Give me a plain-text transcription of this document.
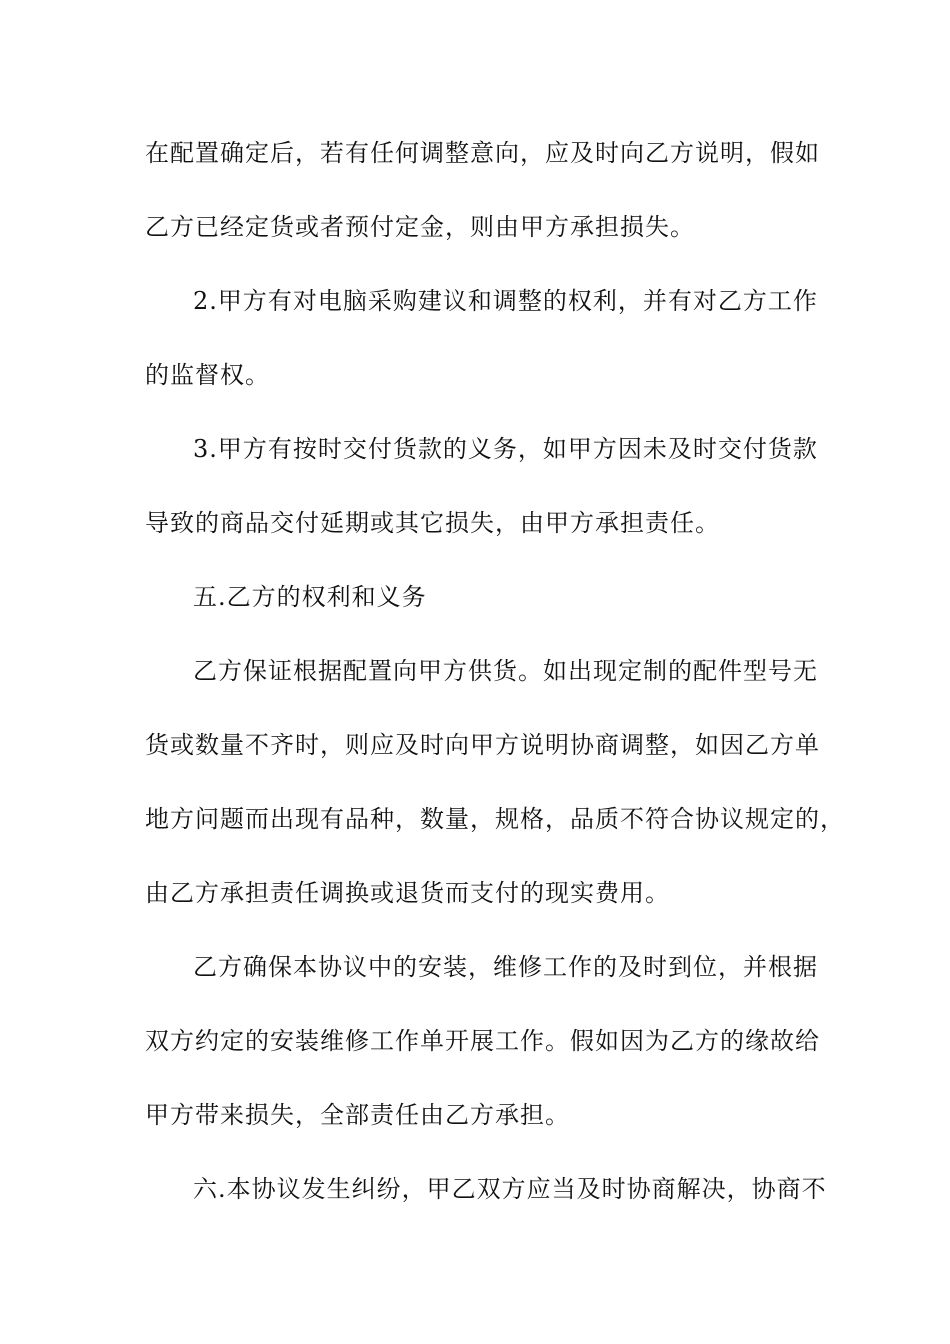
在配置确定后，若有任何调整意向，应及时向乙方说明，假如
乙方已经定货或者预付定金，则由甲方承担损失。
2.甲方有对电脑采购建议和调整的权利，并有对乙方工作
的监督权。
3.甲方有按时交付货款的义务，如甲方因未及时交付货款
导致的商品交付延期或其它损失，由甲方承担责任。
五.乙方的权利和义务
乙方保证根据配置向甲方供货。如出现定制的配件型号无
货或数量不齐时，则应及时向甲方说明协商调整，如因乙方单
地方问题而出现有品种，数量，规格，品质不符合协议规定的，
由乙方承担责任调换或退货而支付的现实费用。
乙方确保本协议中的安装，维修工作的及时到位，并根据
双方约定的安装维修工作单开展工作。假如因为乙方的缘故给
甲方带来损失，全部责任由乙方承担。
六.本协议发生纠纷，甲乙双方应当及时协商解决，协商不
